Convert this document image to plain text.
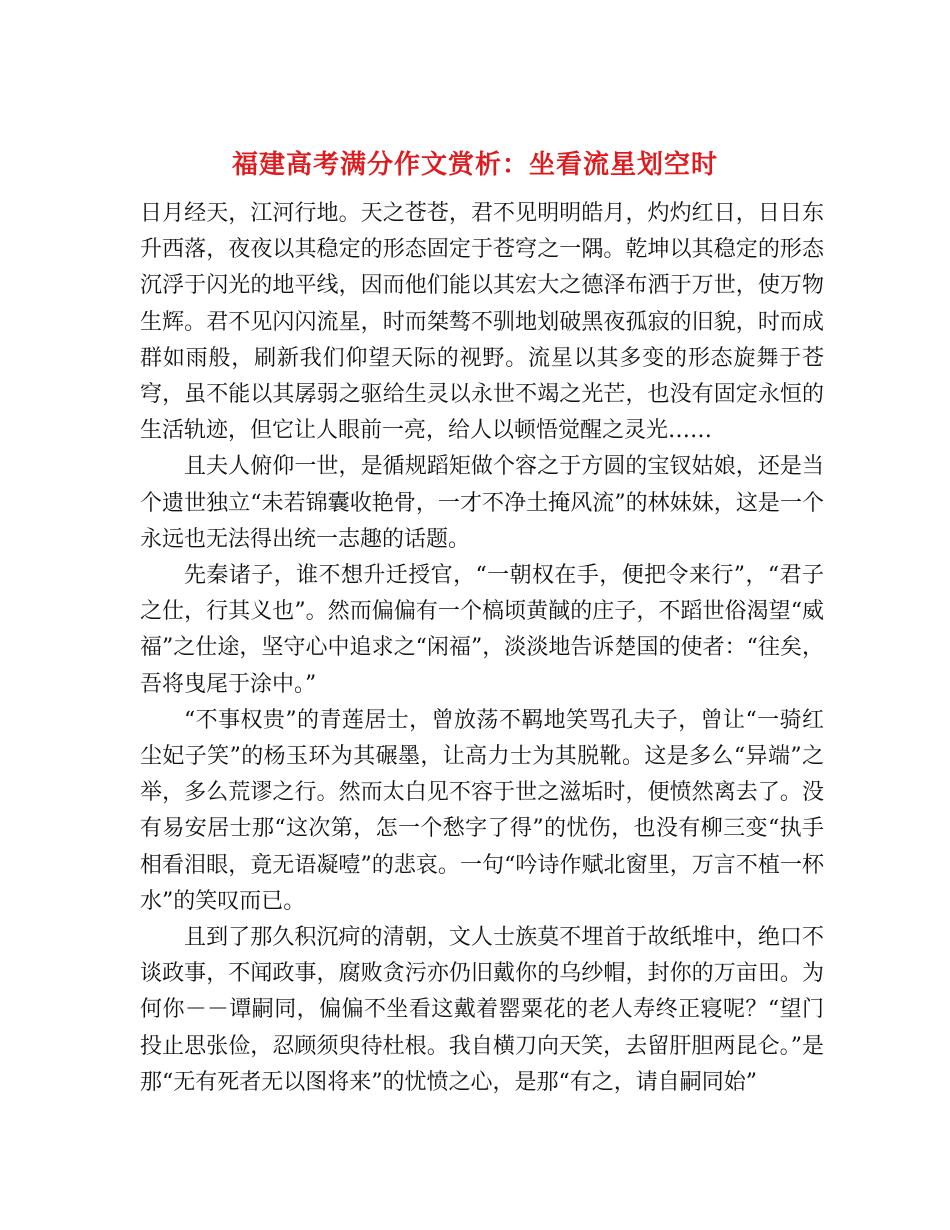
福建高考满分作文赏析：坐看流星划空时

日月经天，江河行地。天之苍苍，君不见明明皓月，灼灼红日，日日东升西落，夜夜以其稳定的形态固定于苍穹之一隅。乾坤以其稳定的形态沉浮于闪光的地平线，因而他们能以其宏大之德泽布洒于万世，使万物生辉。君不见闪闪流星，时而桀骜不驯地划破黑夜孤寂的旧貌，时而成群如雨般，刷新我们仰望天际的视野。流星以其多变的形态旋舞于苍穹，虽不能以其孱弱之驱给生灵以永世不竭之光芒，也没有固定永恒的生活轨迹，但它让人眼前一亮，给人以顿悟觉醒之灵光……

且夫人俯仰一世，是循规蹈矩做个容之于方圆的宝钗姑娘，还是当个遗世独立“未若锦囊收艳骨，一才不净土掩风流”的林妹妹，这是一个永远也无法得出统一志趣的话题。

先秦诸子，谁不想升迁授官，“一朝权在手，便把令来行”，“君子之仕，行其义也”。然而偏偏有一个槁顷黄馘的庄子，不蹈世俗渴望“威福”之仕途，坚守心中追求之“闲福”，淡淡地告诉楚国的使者：“往矣，吾将曳尾于涂中。”

“不事权贵”的青莲居士，曾放荡不羁地笑骂孔夫子，曾让“一骑红尘妃子笑”的杨玉环为其碾墨，让高力士为其脱靴。这是多么“异端”之举，多么荒谬之行。然而太白见不容于世之滋垢时，便愤然离去了。没有易安居士那“这次第，怎一个愁字了得”的忧伤，也没有柳三变“执手相看泪眼，竟无语凝噎”的悲哀。一句“吟诗作赋北窗里，万言不植一杯水”的笑叹而已。

且到了那久积沉疴的清朝，文人士族莫不埋首于故纸堆中，绝口不谈政事，不闻政事，腐败贪污亦仍旧戴你的乌纱帽，封你的万亩田。为何你－－谭嗣同，偏偏不坐看这戴着罂粟花的老人寿终正寝呢？“望门投止思张俭，忍顾须臾待杜根。我自横刀向天笑，去留肝胆两昆仑。”是那“无有死者无以图将来”的忧愤之心，是那“有之，请自嗣同始”
